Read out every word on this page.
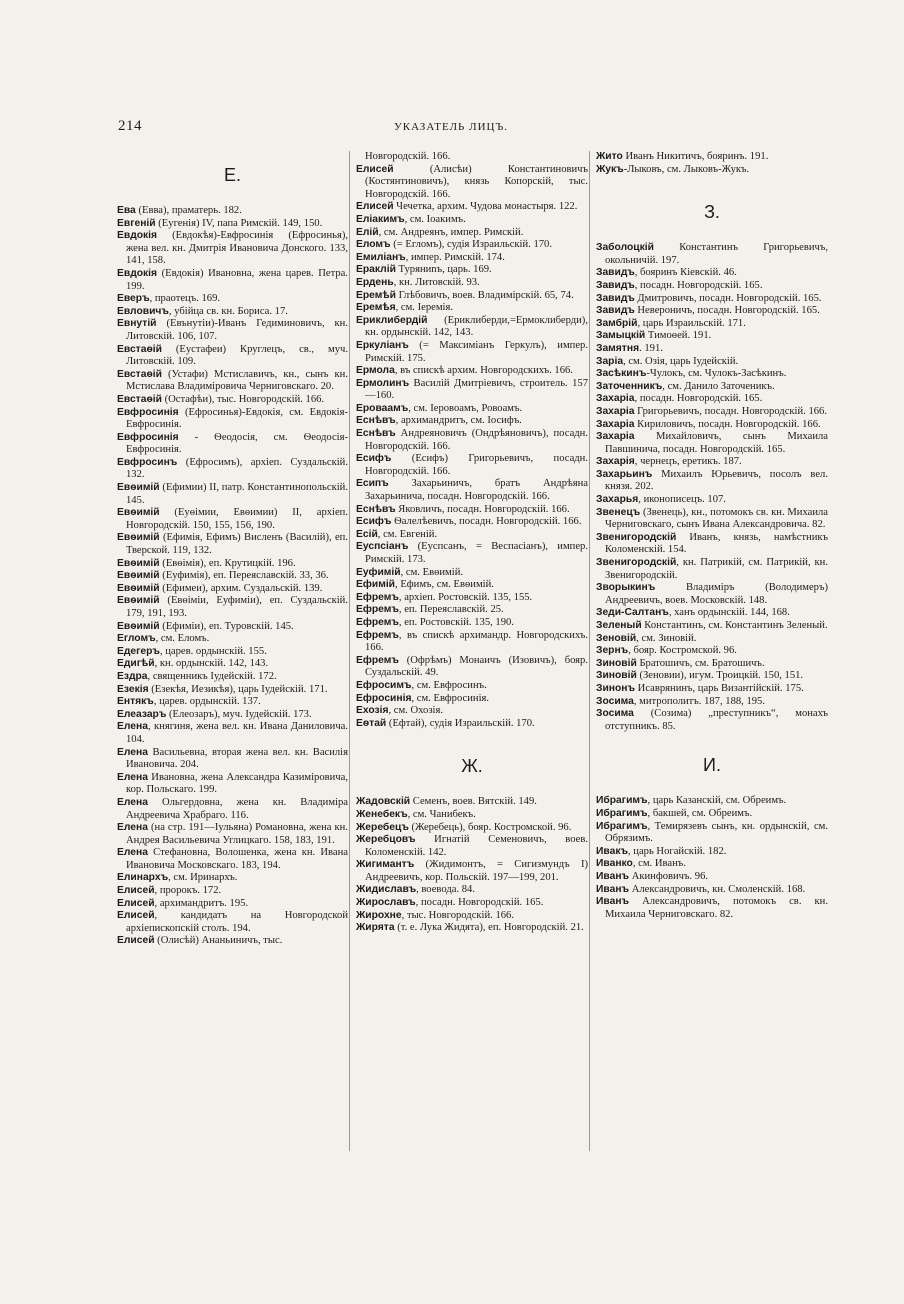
214	УКАЗАТЕЛЬ ЛИЦЪ.
Е.

Ева (Евва), праматерь. 182.

Евгеній (Eугенія) IV, папа Римскій. 149, 150.

Евдокія (Евдокѣя)-Евфросинія (Ефросинья), жена вел. кн. Дмитрія Ивановича Донского. 133, 141, 158.

Евдокія (Евдокія) Ивановна, жена царев. Петра. 199.

Еверъ, праотецъ. 169.

Евловичъ, убійца св. кн. Бориса. 17.

Евнутій (Евънутіи)-Иванъ Гедиминовичъ, кн. Литовскій. 106, 107.

Евстаѳій (Еустафеи) Круглецъ, св., муч. Литовскій. 109.

Евстаѳій (Устафи) Мстиславичъ, кн., сынъ кн. Мстислава Владиміровича Черниговскаго. 20.

Евстаѳій (Остафѣи), тыс. Новгородскій. 166.

Евфросинія (Ефросинья)-Евдокія, см. Евдокія-Евфросинія.

Евфросинія - Ѳеодосія, см. Ѳеодосія-Евфросинія.

Евфросинъ (Ефросимъ), архіеп. Суздальскій. 132.

Евѳимій (Ефимии) II, патр. Константинопольскій. 145.

Евѳимій (Еуѳімии, Евѳимии) II, архіеп. Новгородскій. 150, 155, 156, 190.

Евѳимій (Ефимія, Ефимъ) Висленъ (Василій), еп. Тверской. 119, 132.

Евѳимій (Евѳімія), еп. Крутицкій. 196.

Евѳимій (Еуфимія), еп. Переяславскій. 33, 36.

Евѳимій (Ефимеи), архим. Суздальскій. 139.

Евѳимій (Евѳіміи, Еуфиміи), еп. Суздальскій. 179, 191, 193.

Евѳимій (Ефиміи), еп. Туровскій. 145.

Егломъ, см. Еломъ.

Едегеръ, царев. ордынскій. 155.

Едигѣй, кн. ордынскій. 142, 143.

Ездра, священникъ Іудейскій. 172.

Езекія (Езекѣя, Иезикѣя), царь Іудейскій. 171.

Ентякъ, царев. ордынскій. 137.

Елеазаръ (Елеозаръ), муч. Іудейскій. 173.

Елена, княгиня, жена вел. кн. Ивана Даниловича. 104.

Елена Васильевна, вторая жена вел. кн. Василія Ивановича. 204.

Елена Ивановна, жена Александра Казиміровича, кор. Польскаго. 199.

Елена Ольгердовна, жена кн. Владиміра Андреевича Храбраго. 116.

Елена (на стр. 191—Іульяна) Романовна, жена кн. Андрея Васильевича Углицкаго. 158, 183, 191.

Елена Стефановна, Волошенка, жена кн. Ивана Ивановича Московскаго. 183, 194.

Елинархъ, см. Иринархъ.

Елисей, пророкъ. 172.

Елисей, архимандритъ. 195.

Елисей, кандидатъ на Новгородской архіепископскій столъ. 194.

Елисей (Олисѣй) Ананьиничъ, тыс.

Новгородскій. 166.

Елисей (Алисѣи) Константиновичъ (Костянтиновичъ), князь Копорскій, тыс. Новгородскій. 166.

Елисей Чечетка, архим. Чудова монастыря. 122.

Еліакимъ, см. Іоакимъ.

Елій, см. Андреянъ, импер. Римскій.

Еломъ (= Егломъ), судія Израильскій. 170.

Емиліанъ, импер. Римскій. 174.

Ераклій Туряниnъ, царь. 169.

Ердень, кн. Литовскій. 93.

Еремѣй Глѣбовичъ, воев. Владимірскій. 65, 74.

Еремѣя, см. Іеремія.

Ериклибердій (Ериклиберди,=Ермоклиберди), кн. ордынскій. 142, 143.

Еркуліанъ (= Максиміанъ Геркулъ), импер. Римскій. 175.

Ермола, въ спискѣ архим. Новгородскихъ. 166.

Ермолинъ Василій Дмитріевичъ, строитель. 157—160.

Ероваамъ, см. Іеровоамъ, Ровоамъ.

Еснѣвъ, архимандритъ, см. Іосифъ.

Еснѣвъ Андреяновичъ (Ондрѣяновичъ), посадн. Новгородскій. 166.

Есифъ (Есифъ) Григорьевичъ, посадн. Новгородскій. 166.

Есипъ Захарьиничъ, братъ Андрѣяна Захарьинича, посадн. Новгородскій. 166.

Еснѣвъ Яковличъ, посадн. Новгородскій. 166.

Есифъ Ѳалелѣевичъ, посадн. Новгородскій. 166.

Есій, см. Евгеній.

Еуспсіанъ (Еуспсанъ, = Веспасіанъ), импер. Римскій. 173.

Еуфимій, см. Евѳимій.

Ефимій, Ефимъ, см. Евѳимій.

Ефремъ, архіеп. Ростовскій. 135, 155.

Ефремъ, еп. Переяславскій. 25.

Ефремъ, еп. Ростовскій. 135, 190.

Ефремъ, въ спискѣ архимандр. Новгородскихъ. 166.

Ефремъ (Офрѣмъ) Монаичъ (Изовичъ), бояр. Суздальскій. 49.

Ефросимъ, см. Евфросинъ.

Ефросинія, см. Евфросинія.

Ехозія, см. Охозія.

Еѳтай (Ефтай), судія Израильскій. 170.

Ж.

Жадовскій Семенъ, воев. Вятскій. 149.

Женебекъ, см. Чанибекъ.

Жеребецъ (Жеребець), бояр. Костромской. 96.

Жеребцовъ Игнатій Семеновичъ, воев. Коломенскій. 142.

Жигимантъ (Жидимонтъ, = Сигизмундъ I) Андреевичъ, кор. Польскій. 197—199, 201.

Жидиславъ, воевода. 84.

Жирославъ, посадн. Новгородскій. 165.

Жирохне, тыс. Новгородскій. 166.

Жирята (т. е. Лука Жидята), еп. Новгородскій. 21.

Жито Иванъ Никитичъ, бояринъ. 191.

Жукъ-Лыковъ, см. Лыковъ-Жукъ.

З.

Заболоцкій Константинъ Григорьевичъ, окольничій. 197.

Завидъ, бояринъ Кіевскій. 46.

Завидъ, посадн. Новгородскій. 165.

Завидъ Дмитровичъ, посадн. Новгородскій. 165.

Завидъ Невероничъ, посадн. Новгородскій. 165.

Замбрій, царь Израильскій. 171.

Замыцкій Тимоѳей. 191.

Замятня. 191.

Заріа, см. Озія, царь Іудейскій.

Засѣкинъ-Чулокъ, см. Чулокъ-Засѣкинъ.

Заточенникъ, см. Данило Заточеникъ.

Захаріа, посадн. Новгородскій. 165.

Захаріа Григорьевичъ, посадн. Новгородскій. 166.

Захаріа Кириловичъ, посадн. Новгородскій. 166.

Захаріа Михайловичъ, сынъ Михаила Павшинича, посадн. Новгородскій. 165.

Захарія, чернецъ, еретикъ. 187.

Захарьинъ Михаилъ Юрьевичъ, посолъ вел. князя. 202.

Захарья, иконописецъ. 107.

Звенецъ (Звенець), кн., потомокъ св. кн. Михаила Черниговскаго, сынъ Ивана Александровича. 82.

Звенигородскій Иванъ, князь, намѣстникъ Коломенскій. 154.

Звенигородскій, кн. Патрикій, см. Патрикій, кн. Звенигородскій.

Зворыкинъ Владиміръ (Володимеръ) Андреевичъ, воев. Московскій. 148.

Зеди-Салтанъ, ханъ ордынскій. 144, 168.

Зеленый Константинъ, см. Константинъ Зеленый.

Зеновій, см. Зиновій.

Зернъ, бояр. Костромской. 96.

Зиновій Братошичъ, см. Братошичъ.

Зиновій (Зеновии), игум. Троицкій. 150, 151.

Зинонъ Исаврянинъ, царь Византійскій. 175.

Зосима, митрополитъ. 187, 188, 195.

Зосима (Созима) „преступникъ“, монахъ отступникъ. 85.

И.

Ибрагимъ, царь Казанскій, см. Обреимъ.

Ибрагимъ, бакшей, см. Обреимъ.

Ибрагимъ, Темирязевъ сынъ, кн. ордынскій, см. Обрязимъ.

Ивакъ, царь Ногайскій. 182.

Иванко, см. Иванъ.

Иванъ Акинфовичъ. 96.

Иванъ Александровичъ, кн. Смоленскій. 168.

Иванъ Александровичъ, потомокъ св. кн. Михаила Черниговскаго. 82.
